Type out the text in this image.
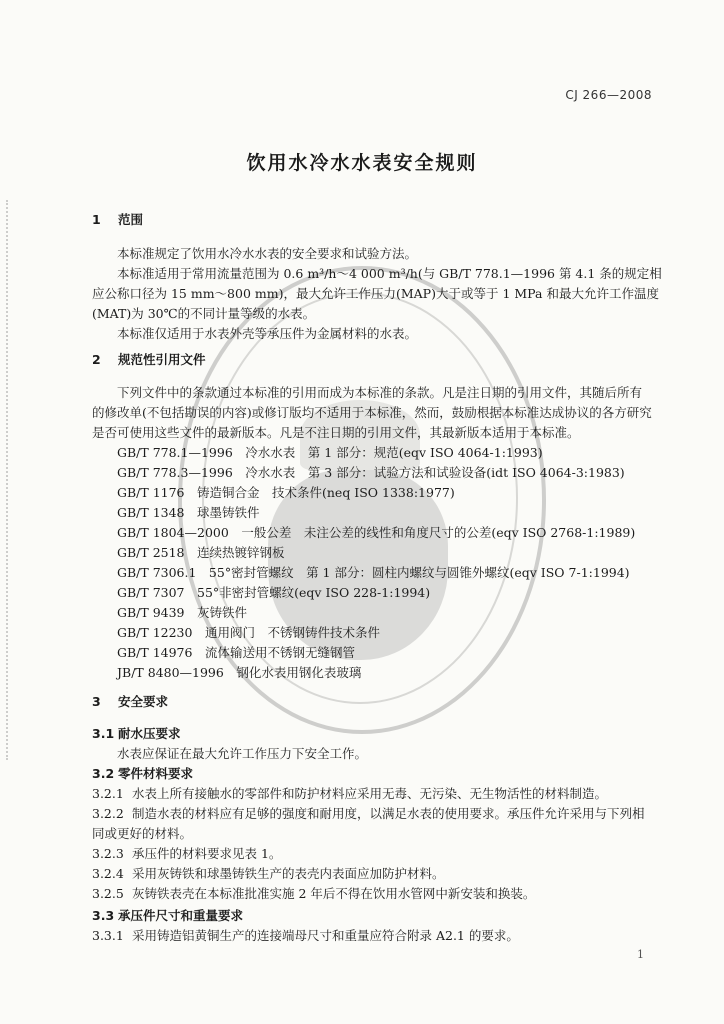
CJ 266—2008
饮用水冷水水表安全规则
1 范围
本标准规定了饮用水冷水水表的安全要求和试验方法。
本标准适用于常用流量范围为 0.6 m³/h～4 000 m³/h(与 GB/T 778.1—1996 第 4.1 条的规定相
应公称口径为 15 mm～800 mm)，最大允许工作压力(MAP)大于或等于 1 MPa 和最大允许工作温度
(MAT)为 30℃的不同计量等级的水表。
本标准仅适用于水表外壳等承压件为金属材料的水表。
2 规范性引用文件
下列文件中的条款通过本标准的引用而成为本标准的条款。凡是注日期的引用文件，其随后所有
的修改单(不包括勘误的内容)或修订版均不适用于本标准，然而，鼓励根据本标准达成协议的各方研究
是否可使用这些文件的最新版本。凡是不注日期的引用文件，其最新版本适用于本标准。
GB/T 778.1—1996　冷水水表　第 1 部分：规范(eqv ISO 4064-1:1993)
GB/T 778.3—1996　冷水水表　第 3 部分：试验方法和试验设备(idt ISO 4064-3:1983)
GB/T 1176　铸造铜合金　技术条件(neq ISO 1338:1977)
GB/T 1348　球墨铸铁件
GB/T 1804—2000　一般公差　未注公差的线性和角度尺寸的公差(eqv ISO 2768-1:1989)
GB/T 2518　连续热镀锌钢板
GB/T 7306.1　55°密封管螺纹　第 1 部分：圆柱内螺纹与圆锥外螺纹(eqv ISO 7-1:1994)
GB/T 7307　55°非密封管螺纹(eqv ISO 228-1:1994)
GB/T 9439　灰铸铁件
GB/T 12230　通用阀门　不锈钢铸件技术条件
GB/T 14976　流体输送用不锈钢无缝钢管
JB/T 8480—1996　钢化水表用钢化表玻璃
3 安全要求
3.1 耐水压要求
水表应保证在最大允许工作压力下安全工作。
3.2 零件材料要求
3.2.1 水表上所有接触水的零部件和防护材料应采用无毒、无污染、无生物活性的材料制造。
3.2.2 制造水表的材料应有足够的强度和耐用度，以满足水表的使用要求。承压件允许采用与下列相
同或更好的材料。
3.2.3 承压件的材料要求见表 1。
3.2.4 采用灰铸铁和球墨铸铁生产的表壳内表面应加防护材料。
3.2.5 灰铸铁表壳在本标准批准实施 2 年后不得在饮用水管网中新安装和换装。
3.3 承压件尺寸和重量要求
3.3.1 采用铸造铝黄铜生产的连接端母尺寸和重量应符合附录 A2.1 的要求。
1
